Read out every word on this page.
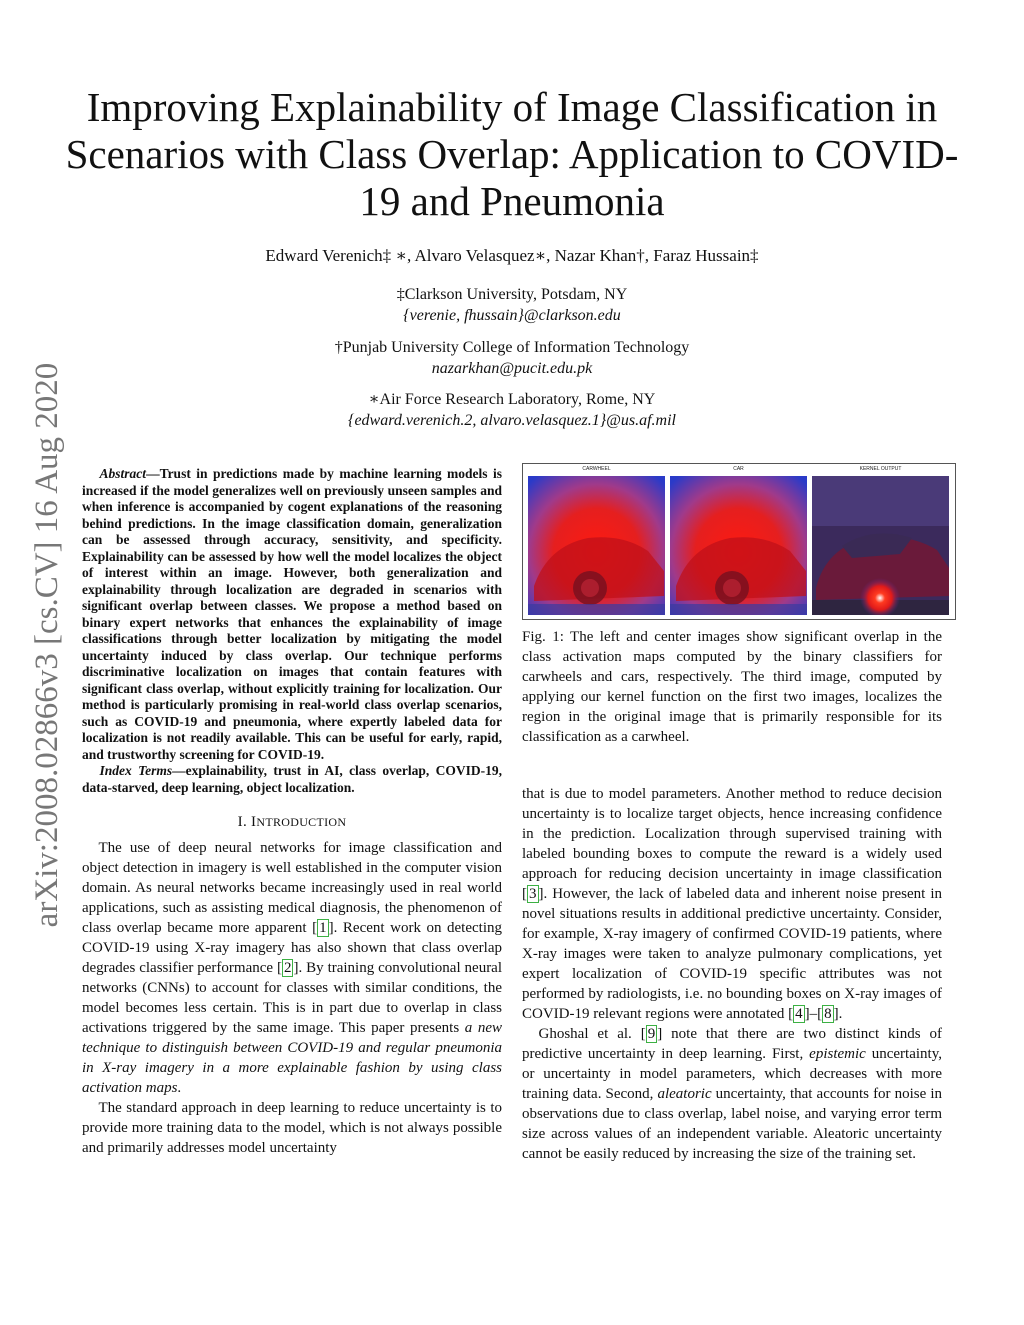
arXiv:2008.02866v3 [cs.CV] 16 Aug 2020
Improving Explainability of Image Classification in Scenarios with Class Overlap: Application to COVID-19 and Pneumonia
Edward Verenich‡ ∗, Alvaro Velasquez∗, Nazar Khan†, Faraz Hussain‡
‡Clarkson University, Potsdam, NY
{verenie, fhussain}@clarkson.edu
†Punjab University College of Information Technology
nazarkhan@pucit.edu.pk
∗Air Force Research Laboratory, Rome, NY
{edward.verenich.2, alvaro.velasquez.1}@us.af.mil

Abstract—Trust in predictions made by machine learning models is increased if the model generalizes well on previously unseen samples and when inference is accompanied by cogent explanations of the reasoning behind predictions. In the image classification domain, generalization can be assessed through accuracy, sensitivity, and specificity. Explainability can be assessed by how well the model localizes the object of interest within an image. However, both generalization and explainability through localization are degraded in scenarios with significant overlap between classes. We propose a method based on binary expert networks that enhances the explainability of image classifications through better localization by mitigating the model uncertainty induced by class overlap. Our technique performs discriminative localization on images that contain features with significant class overlap, without explicitly training for localization. Our method is particularly promising in real-world class overlap scenarios, such as COVID-19 and pneumonia, where expertly labeled data for localization is not readily available. This can be useful for early, rapid, and trustworthy screening for COVID-19.

Index Terms—explainability, trust in AI, class overlap, COVID-19, data-starved, deep learning, object localization.

I. INTRODUCTION

The use of deep neural networks for image classification and object detection in imagery is well established in the computer vision domain. As neural networks became increasingly used in real world applications, such as assisting medical diagnosis, the phenomenon of class overlap became more apparent [ 1 ]. Recent work on detecting COVID-19 using X-ray imagery has also shown that class overlap degrades classifier performance [ 2 ]. By training convolutional neural networks (CNNs) to account for classes with similar conditions, the model becomes less certain. This is in part due to overlap in class activations triggered by the same image. This paper presents a new technique to distinguish between COVID-19 and regular pneumonia in X-ray imagery in a more explainable fashion by using class activation maps.

The standard approach in deep learning to reduce uncertainty is to provide more training data to the model, which is not always possible and primarily addresses model uncertainty

CARWHEEL	CAR	KERNEL OUTPUT
Fig. 1: The left and center images show significant overlap in the class activation maps computed by the binary classifiers for carwheels and cars, respectively. The third image, computed by applying our kernel function on the first two images, localizes the region in the original image that is primarily responsible for its classification as a carwheel.

that is due to model parameters. Another method to reduce decision uncertainty is to localize target objects, hence increasing confidence in the prediction. Localization through supervised training with labeled bounding boxes to compute the reward is a widely used approach for reducing decision uncertainty in image classification [ 3 ]. However, the lack of labeled data and inherent noise present in novel situations results in additional predictive uncertainty. Consider, for example, X-ray imagery of confirmed COVID-19 patients, where X-ray images were taken to analyze pulmonary complications, yet expert localization of COVID-19 specific attributes was not performed by radiologists, i.e. no bounding boxes on X-ray images of COVID-19 relevant regions were annotated [ 4 ]–[ 8 ].

Ghoshal et al. [ 9 ] note that there are two distinct kinds of predictive uncertainty in deep learning. First, epistemic uncertainty, or uncertainty in model parameters, which decreases with more training data. Second, aleatoric uncertainty, that accounts for noise in observations due to class overlap, label noise, and varying error term size across values of an independent variable. Aleatoric uncertainty cannot be easily reduced by increasing the size of the training set.
